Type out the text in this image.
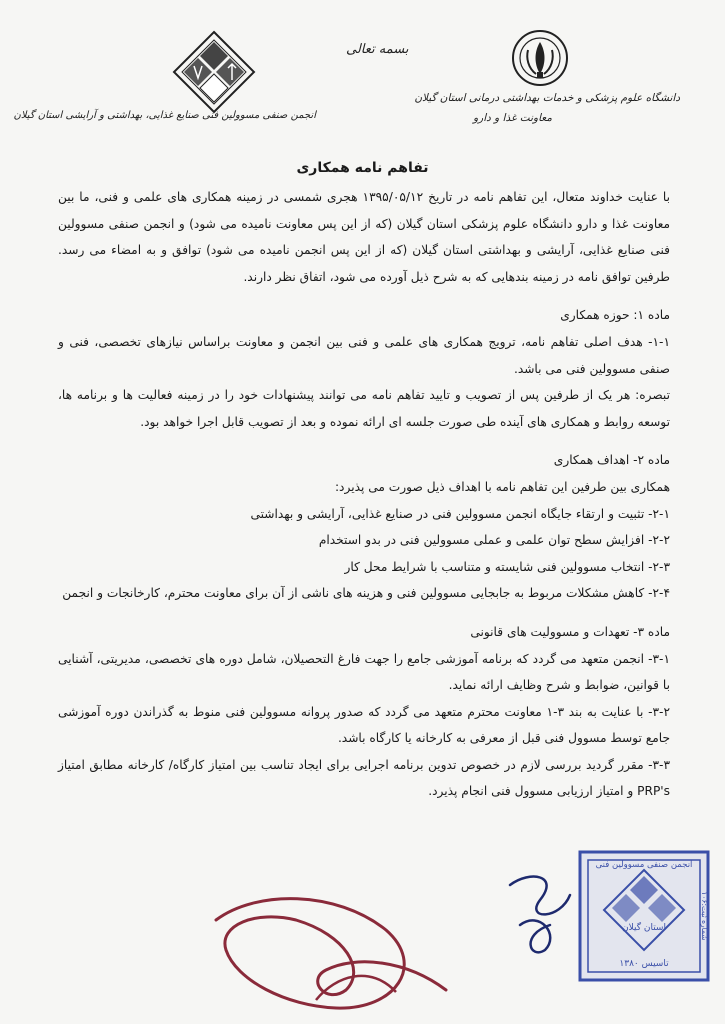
بسمه تعالی
دانشگاه علوم پزشکی و خدمات بهداشتی درمانی استان گیلان
معاونت غذا و دارو
انجمن صنفی مسوولین فنی صنایع غذایی، بهداشتی و آرایشی استان گیلان
تفاهم نامه همکاری

با عنایت خداوند متعال، این تفاهم نامه در تاریخ ۱۳۹۵/۰۵/۱۲ هجری شمسی در زمینه همکاری های علمی و فنی، ما بین معاونت غذا و دارو دانشگاه علوم پزشکی استان گیلان (که از این پس معاونت نامیده می شود) و انجمن صنفی مسوولین فنی صنایع غذایی، آرایشی و بهداشتی استان گیلان (که از این پس انجمن نامیده می شود) توافق و به امضاء می رسد. طرفین توافق نامه در زمینه بندهایی که به شرح ذیل آورده می شود، اتفاق نظر دارند.

ماده ۱: حوزه همکاری

۱-۱- هدف اصلی تفاهم نامه، ترویج همکاری های علمی و فنی بین انجمن و معاونت براساس نیازهای تخصصی، فنی و صنفی مسوولین فنی می باشد.

تبصره: هر یک از طرفین پس از تصویب و تایید تفاهم نامه می توانند پیشنهادات خود را در زمینه فعالیت ها و برنامه ها، توسعه روابط و همکاری های آینده طی صورت جلسه ای ارائه نموده و بعد از تصویب قابل اجرا خواهد بود.

ماده ۲- اهداف همکاری

همکاری بین طرفین این تفاهم نامه با اهداف ذیل صورت می پذیرد:

۲-۱- تثبیت و ارتقاء جایگاه انجمن مسوولین فنی در صنایع غذایی، آرایشی و بهداشتی

۲-۲- افزایش سطح توان علمی و عملی مسوولین فنی در بدو استخدام

۲-۳- انتخاب مسوولین فنی شایسته و متناسب با شرایط محل کار

۲-۴- کاهش مشکلات مربوط به جابجایی مسوولین فنی و هزینه های ناشی از آن برای معاونت محترم، کارخانجات و انجمن

ماده ۳- تعهدات و مسوولیت های قانونی

۳-۱- انجمن متعهد می گردد که برنامه آموزشی جامع را جهت فارغ التحصیلان، شامل دوره های تخصصی، مدیریتی، آشنایی با قوانین، ضوابط و شرح وظایف ارائه نماید.

۳-۲- با عنایت به بند ۳-۱ معاونت محترم متعهد می گردد که صدور پروانه مسوولین فنی منوط به گذراندن دوره آموزشی جامع توسط مسوول فنی قبل از معرفی به کارخانه یا کارگاه باشد.

۳-۳- مقرر گردید بررسی لازم در خصوص تدوین برنامه اجرایی برای ایجاد تناسب بین امتیاز کارگاه/ کارخانه مطابق امتیاز PRP's و امتیاز ارزیابی مسوول فنی انجام پذیرد.

استان گیلان
تاسیس ۱۳۸۰
انجمن صنفی مسوولین فنی
شماره ثبت:۱۰۶
